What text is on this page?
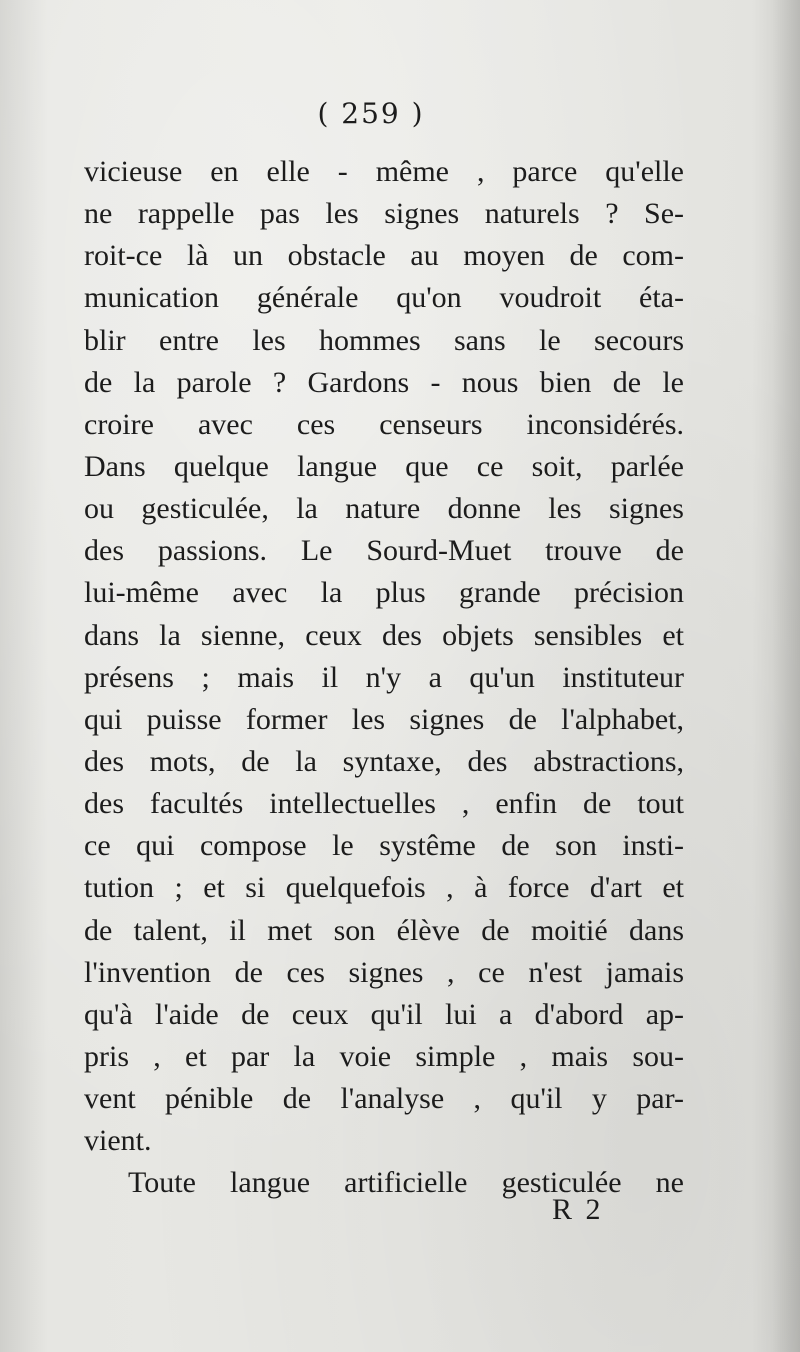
( 259 )
vicieuse en elle - même , parce qu'elle
ne rappelle pas les signes naturels ? Se-
roit-ce là un obstacle au moyen de com-
munication générale qu'on voudroit éta-
blir entre les hommes sans le secours
de la parole ? Gardons - nous bien de le
croire avec ces censeurs inconsidérés.
Dans quelque langue que ce soit, parlée
ou gesticulée, la nature donne les signes
des passions. Le Sourd-Muet trouve de
lui-même avec la plus grande précision
dans la sienne, ceux des objets sensibles et
présens ; mais il n'y a qu'un instituteur
qui puisse former les signes de l'alphabet,
des mots, de la syntaxe, des abstractions,
des facultés intellectuelles , enfin de tout
ce qui compose le systême de son insti-
tution ; et si quelquefois , à force d'art et
de talent, il met son élève de moitié dans
l'invention de ces signes , ce n'est jamais
qu'à l'aide de ceux qu'il lui a d'abord ap-
pris , et par la voie simple , mais sou-
vent pénible de l'analyse , qu'il y par-
vient.
Toute langue artificielle gesticulée ne
R 2
